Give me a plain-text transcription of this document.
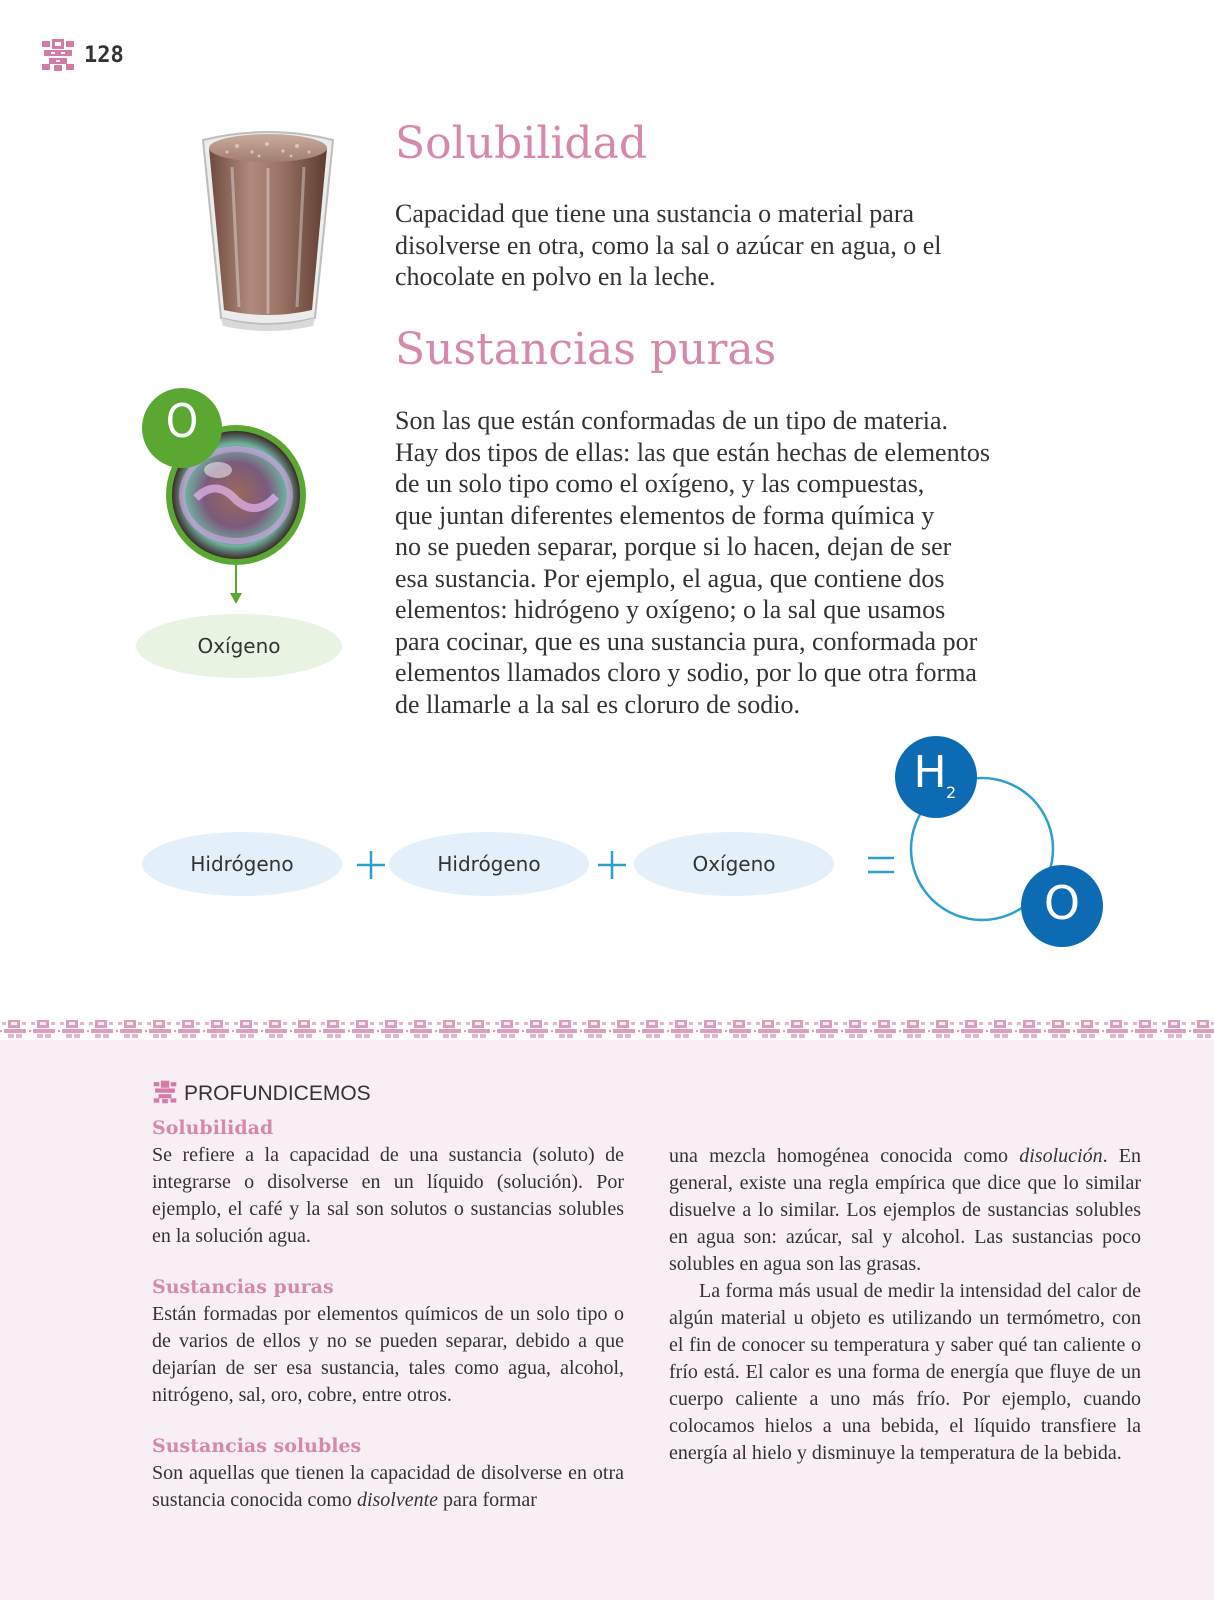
128
Solubilidad
Capacidad que tiene una sustancia o material para
disolverse en otra, como la sal o azúcar en agua, o el
chocolate en polvo en la leche.
Sustancias puras
Son las que están conformadas de un tipo de materia.
Hay dos tipos de ellas: las que están hechas de elementos
de un solo tipo como el oxígeno, y las compuestas,
que juntan diferentes elementos de forma química y
no se pueden separar, porque si lo hacen, dejan de ser
esa sustancia. Por ejemplo, el agua, que contiene dos
elementos: hidrógeno y oxígeno; o la sal que usamos
para cocinar, que es una sustancia pura, conformada por
elementos llamados cloro y sodio, por lo que otra forma
de llamarle a la sal es cloruro de sodio.
O
Oxígeno
Hidrógeno	Hidrógeno	Oxígeno
H 2
O
PROFUNDICEMOS
Solubilidad

Se refiere a la capacidad de una sustancia (soluto) de integrarse o disolverse en un líquido (solución). Por ejemplo, el café y la sal son solutos o sustancias solubles en la solución agua.

Sustancias puras

Están formadas por elementos químicos de un solo tipo o de varios de ellos y no se pueden separar, debido a que dejarían de ser esa sustancia, tales como agua, alcohol, nitrógeno, sal, oro, cobre, entre otros.

Sustancias solubles

Son aquellas que tienen la capacidad de disolverse en otra sustancia conocida como disolvente para formar

una mezcla homogénea conocida como disolución. En general, existe una regla empírica que dice que lo similar disuelve a lo similar. Los ejemplos de sustancias solubles en agua son: azúcar, sal y alcohol. Las sustancias poco solubles en agua son las grasas.

La forma más usual de medir la intensidad del calor de algún material u objeto es utilizando un termómetro, con el fin de conocer su temperatura y saber qué tan caliente o frío está. El calor es una forma de energía que fluye de un cuerpo caliente a uno más frío. Por ejemplo, cuando colocamos hielos a una bebida, el líquido transfiere la energía al hielo y disminuye la temperatura de la bebida.
